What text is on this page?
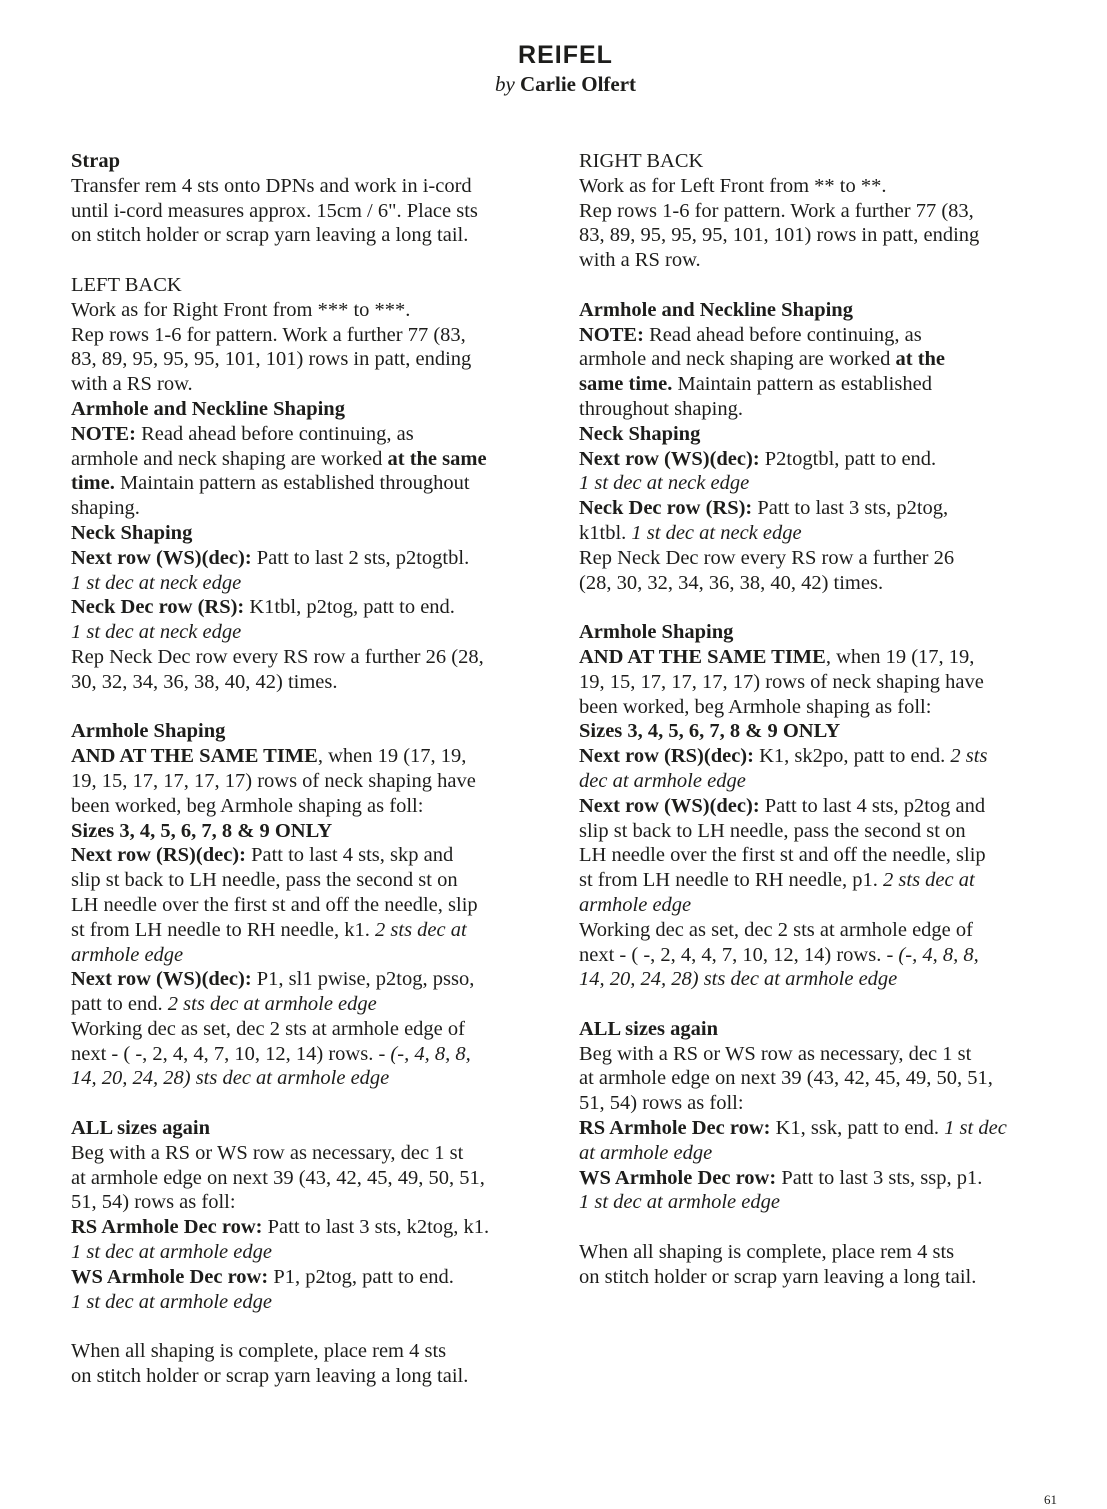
REIFEL
by Carlie Olfert
Strap
Transfer rem 4 sts onto DPNs and work in i-cord
until i-cord measures approx. 15cm / 6". Place sts
on stitch holder or scrap yarn leaving a long tail.
LEFT BACK
Work as for Right Front from *** to ***.
Rep rows 1-6 for pattern. Work a further 77 (83,
83, 89, 95, 95, 95, 101, 101) rows in patt, ending
with a RS row.
Armhole and Neckline Shaping
NOTE: Read ahead before continuing, as
armhole and neck shaping are worked at the same
time. Maintain pattern as established throughout
shaping.
Neck Shaping
Next row (WS)(dec): Patt to last 2 sts, p2togtbl.
1 st dec at neck edge
Neck Dec row (RS): K1tbl, p2tog, patt to end.
1 st dec at neck edge
Rep Neck Dec row every RS row a further 26 (28,
30, 32, 34, 36, 38, 40, 42) times.
Armhole Shaping
AND AT THE SAME TIME, when 19 (17, 19,
19, 15, 17, 17, 17, 17) rows of neck shaping have
been worked, beg Armhole shaping as foll:
Sizes 3, 4, 5, 6, 7, 8 & 9 ONLY
Next row (RS)(dec): Patt to last 4 sts, skp and
slip st back to LH needle, pass the second st on
LH needle over the first st and off the needle, slip
st from LH needle to RH needle, k1. 2 sts dec at
armhole edge
Next row (WS)(dec): P1, sl1 pwise, p2tog, psso,
patt to end. 2 sts dec at armhole edge
Working dec as set, dec 2 sts at armhole edge of
next - ( -, 2, 4, 4, 7, 10, 12, 14) rows. - (-, 4, 8, 8,
14, 20, 24, 28) sts dec at armhole edge
ALL sizes again
Beg with a RS or WS row as necessary, dec 1 st
at armhole edge on next 39 (43, 42, 45, 49, 50, 51,
51, 54) rows as foll:
RS Armhole Dec row: Patt to last 3 sts, k2tog, k1.
1 st dec at armhole edge
WS Armhole Dec row: P1, p2tog, patt to end.
1 st dec at armhole edge
When all shaping is complete, place rem 4 sts
on stitch holder or scrap yarn leaving a long tail.
RIGHT BACK
Work as for Left Front from ** to **.
Rep rows 1-6 for pattern. Work a further 77 (83,
83, 89, 95, 95, 95, 101, 101) rows in patt, ending
with a RS row.
Armhole and Neckline Shaping
NOTE: Read ahead before continuing, as
armhole and neck shaping are worked at the
same time. Maintain pattern as established
throughout shaping.
Neck Shaping
Next row (WS)(dec): P2togtbl, patt to end.
1 st dec at neck edge
Neck Dec row (RS): Patt to last 3 sts, p2tog,
k1tbl. 1 st dec at neck edge
Rep Neck Dec row every RS row a further 26
(28, 30, 32, 34, 36, 38, 40, 42) times.
Armhole Shaping
AND AT THE SAME TIME, when 19 (17, 19,
19, 15, 17, 17, 17, 17) rows of neck shaping have
been worked, beg Armhole shaping as foll:
Sizes 3, 4, 5, 6, 7, 8 & 9 ONLY
Next row (RS)(dec): K1, sk2po, patt to end. 2 sts
dec at armhole edge
Next row (WS)(dec): Patt to last 4 sts, p2tog and
slip st back to LH needle, pass the second st on
LH needle over the first st and off the needle, slip
st from LH needle to RH needle, p1. 2 sts dec at
armhole edge
Working dec as set, dec 2 sts at armhole edge of
next - ( -, 2, 4, 4, 7, 10, 12, 14) rows. - (-, 4, 8, 8,
14, 20, 24, 28) sts dec at armhole edge
ALL sizes again
Beg with a RS or WS row as necessary, dec 1 st
at armhole edge on next 39 (43, 42, 45, 49, 50, 51,
51, 54) rows as foll:
RS Armhole Dec row: K1, ssk, patt to end. 1 st dec
at armhole edge
WS Armhole Dec row: Patt to last 3 sts, ssp, p1.
1 st dec at armhole edge
When all shaping is complete, place rem 4 sts
on stitch holder or scrap yarn leaving a long tail.
61
